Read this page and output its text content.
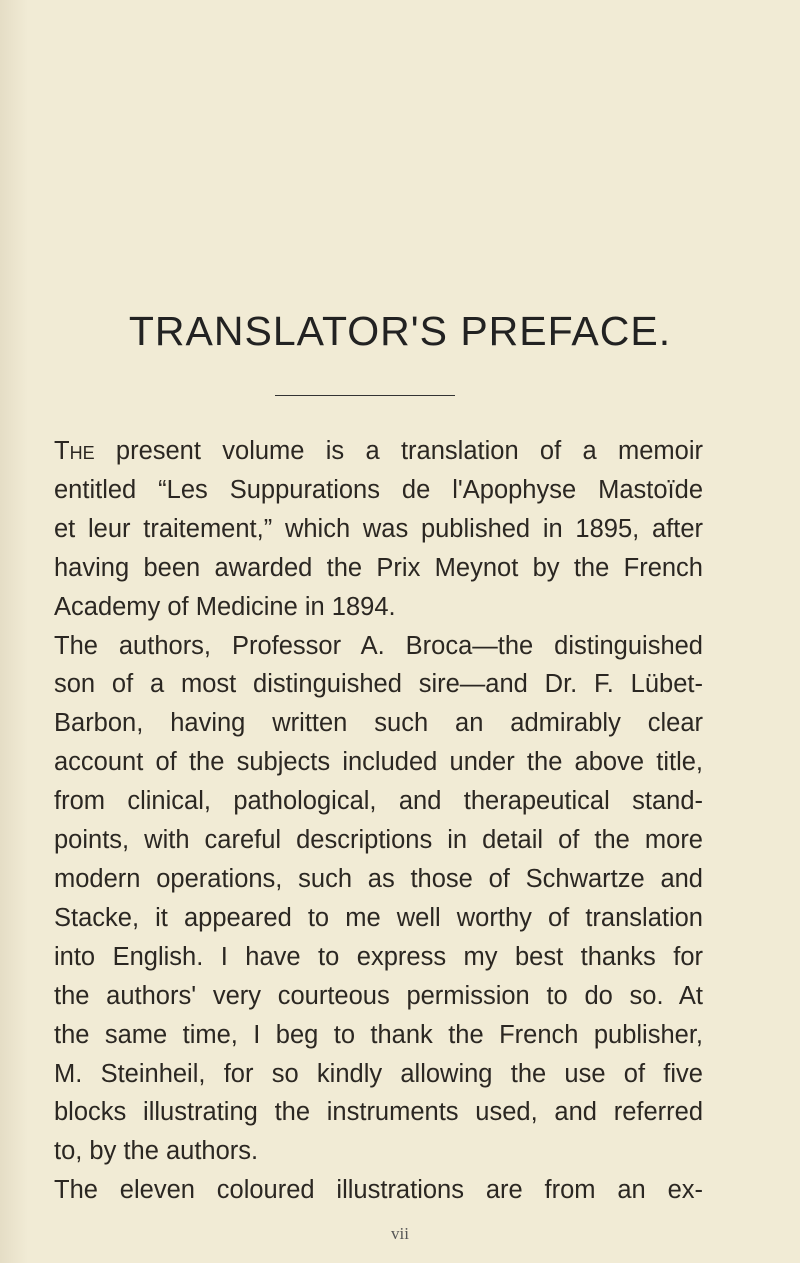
TRANSLATOR'S PREFACE.
The present volume is a translation of a memoir
entitled “Les Suppurations de l'Apophyse Mastoïde
et leur traitement,” which was published in 1895, after
having been awarded the Prix Meynot by the French
Academy of Medicine in 1894.
The authors, Professor A. Broca—the distinguished
son of a most distinguished sire—and Dr. F. Lübet-
Barbon, having written such an admirably clear
account of the subjects included under the above title,
from clinical, pathological, and therapeutical stand-
points, with careful descriptions in detail of the more
modern operations, such as those of Schwartze and
Stacke, it appeared to me well worthy of translation
into English. I have to express my best thanks for
the authors' very courteous permission to do so. At
the same time, I beg to thank the French publisher,
M. Steinheil, for so kindly allowing the use of five
blocks illustrating the instruments used, and referred
to, by the authors.
The eleven coloured illustrations are from an ex-
vii
